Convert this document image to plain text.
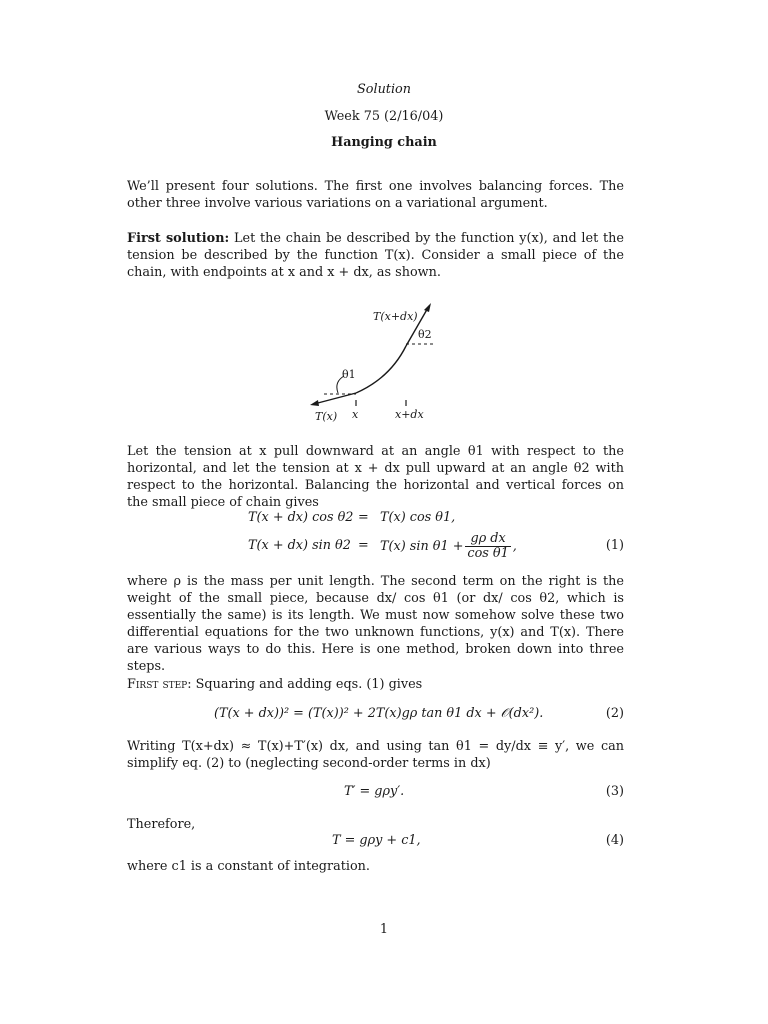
Solution
Week 75 (2/16/04)
Hanging chain
We’ll present four solutions. The first one involves balancing forces. The other three involve various variations on a variational argument.
First solution: Let the chain be described by the function y(x), and let the tension be described by the function T(x). Consider a small piece of the chain, with endpoints at x and x + dx, as shown.
T(x+dx)
θ2
θ1
T(x) x	x+dx
Let the tension at x pull downward at an angle θ1 with respect to the horizontal, and let the tension at x + dx pull upward at an angle θ2 with respect to the horizontal. Balancing the horizontal and vertical forces on the small piece of chain gives
T(x + dx) cos θ2 = T(x) cos θ1,
T(x + dx) sin θ2 = T(x) $\sin \theta 1 + \frac{\text{gρ dx}}{\text{cos θ1}}$ ,	(1)
where ρ is the mass per unit length. The second term on the right is the weight of the small piece, because dx/ cos θ1 (or dx/ cos θ2, which is essentially the same) is its length. We must now somehow solve these two differential equations for the two unknown functions, y(x) and T(x). There are various ways to do this. Here is one method, broken down into three steps.
First step: Squaring and adding eqs. (1) gives
(T(x + dx))² = (T(x))² + 2T(x)gρ tan θ1 dx + 𝒪(dx²).	(2)
Writing T(x+dx) ≈ T(x)+T′(x) dx, and using tan θ1 = dy/dx ≡ y′, we can simplify eq. (2) to (neglecting second-order terms in dx)
T′ = gρy′.	(3)
Therefore,
T = gρy + c1,	(4)
where c1 is a constant of integration.
1
